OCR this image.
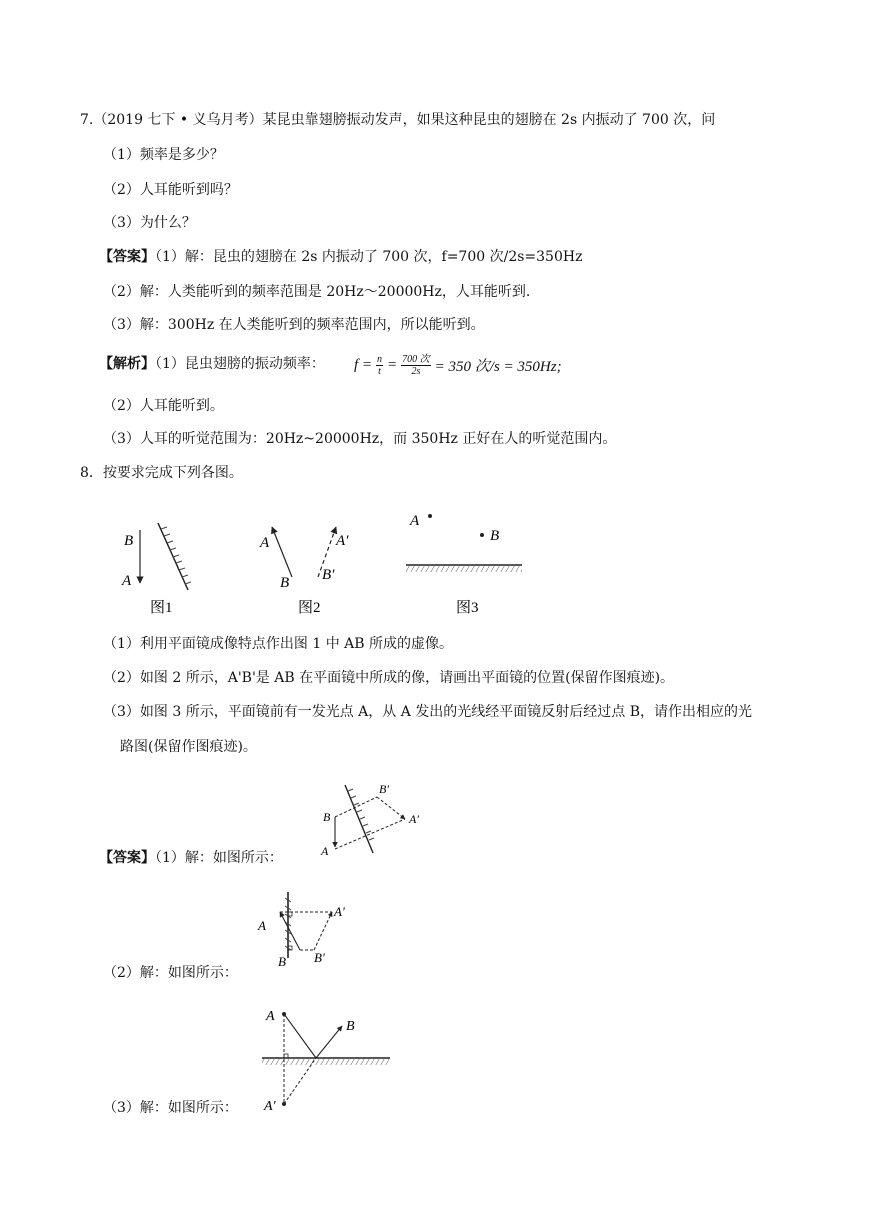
7.（2019 七下 • 义乌月考）某昆虫靠翅膀振动发声，如果这种昆虫的翅膀在 2s 内振动了 700 次，问
（1）频率是多少？
（2）人耳能听到吗？
（3）为什么？
【答案】（1）解：昆虫的翅膀在 2s 内振动了 700 次，f=700 次/2s=350Hz
（2）解：人类能听到的频率范围是 20Hz～20000Hz，人耳能听到.
（3）解：300Hz 在人类能听到的频率范围内，所以能听到。
【解析】（1）昆虫翅膀的振动频率： $f = \frac{n}{t} = 700$ 次
2s = 350 次/s = 350Hz;
（2）人耳能听到。
（3）人耳的听觉范围为：20Hz~20000Hz，而 350Hz 正好在人的听觉范围内。
8．按要求完成下列各图。
B
A
图1
A
B
A′
B′
图2
A
B
图3
（1）利用平面镜成像特点作出图 1 中 AB 所成的虚像。
（2）如图 2 所示，A'B'是 AB 在平面镜中所成的像，请画出平面镜的位置(保留作图痕迹)。
（3）如图 3 所示，平面镜前有一发光点 A，从 A 发出的光线经平面镜反射后经过点 B，请作出相应的光
路图(保留作图痕迹)。
B
A
B′
A′
【答案】（1）解：如图所示：
A
B
A′
B′
（2）解：如图所示：
A
B
A′
（3）解：如图所示：
